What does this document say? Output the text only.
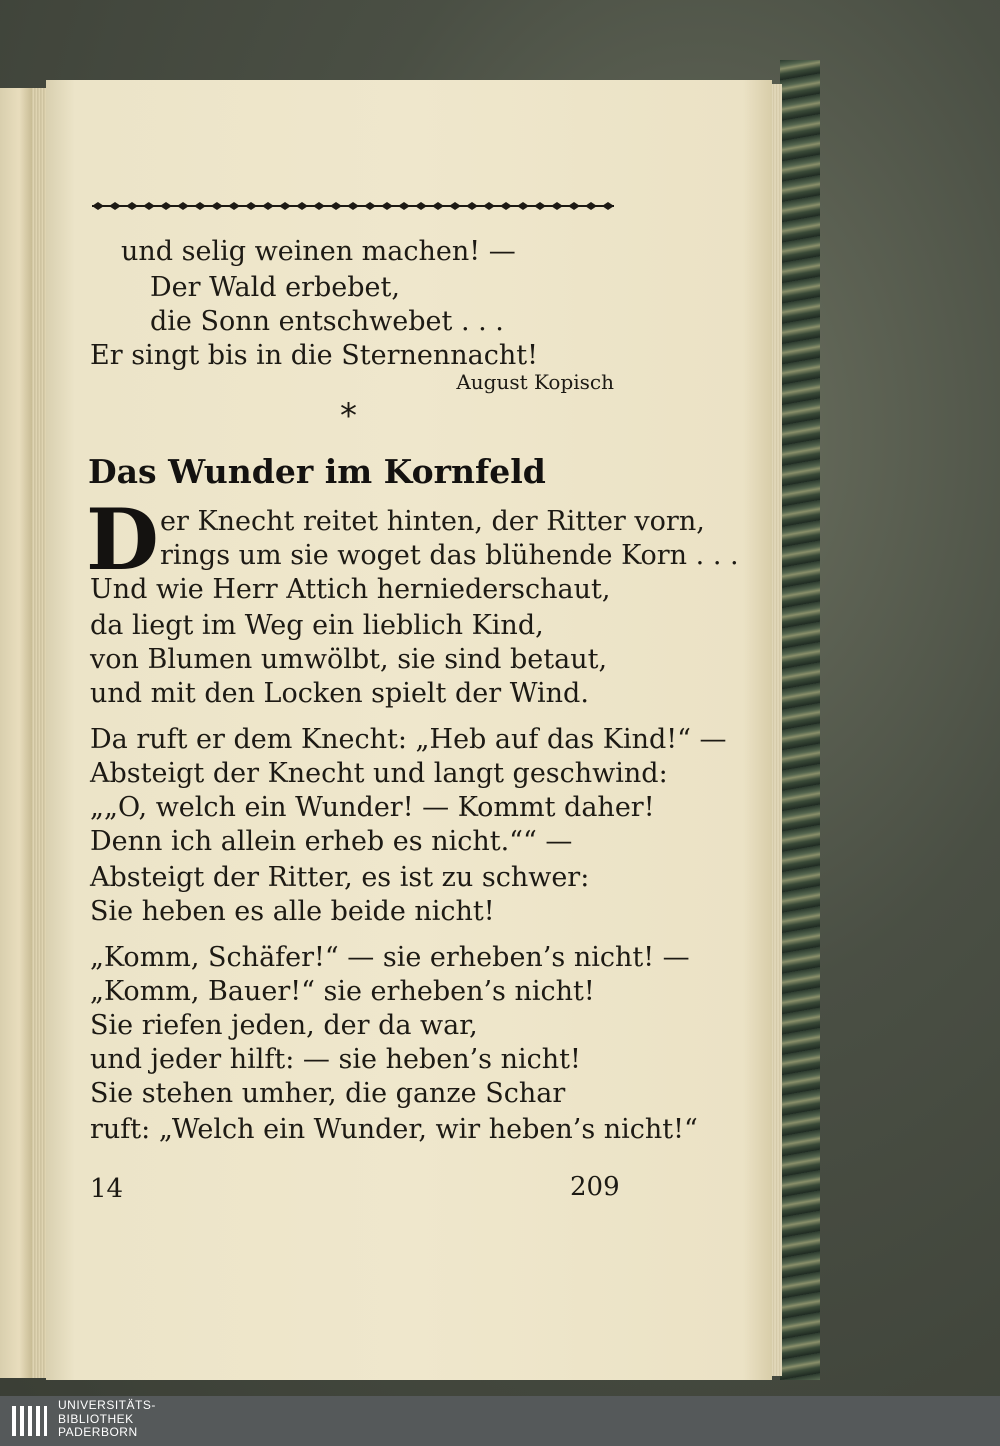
und selig weinen machen! —
Der Wald erbebet,
die Sonn entschwebet . . .
Er singt bis in die Sternennacht!
August Kopisch
*
Das Wunder im Kornfeld
D er Knecht reitet hinten, der Ritter vorn,
rings um sie woget das blühende Korn . . .
Und wie Herr Attich herniederschaut,
da liegt im Weg ein lieblich Kind,
von Blumen umwölbt, sie sind betaut,
und mit den Locken spielt der Wind.
Da ruft er dem Knecht: „Heb auf das Kind!“ —
Absteigt der Knecht und langt geschwind:
„„O, welch ein Wunder! — Kommt daher!
Denn ich allein erheb es nicht.““ —
Absteigt der Ritter, es ist zu schwer:
Sie heben es alle beide nicht!
„Komm, Schäfer!“ — sie erheben’s nicht! —
„Komm, Bauer!“ sie erheben’s nicht!
Sie riefen jeden, der da war,
und jeder hilft: — sie heben’s nicht!
Sie stehen umher, die ganze Schar
ruft: „Welch ein Wunder, wir heben’s nicht!“
14	209
UNIVERSITÄTS-
BIBLIOTHEK
PADERBORN
